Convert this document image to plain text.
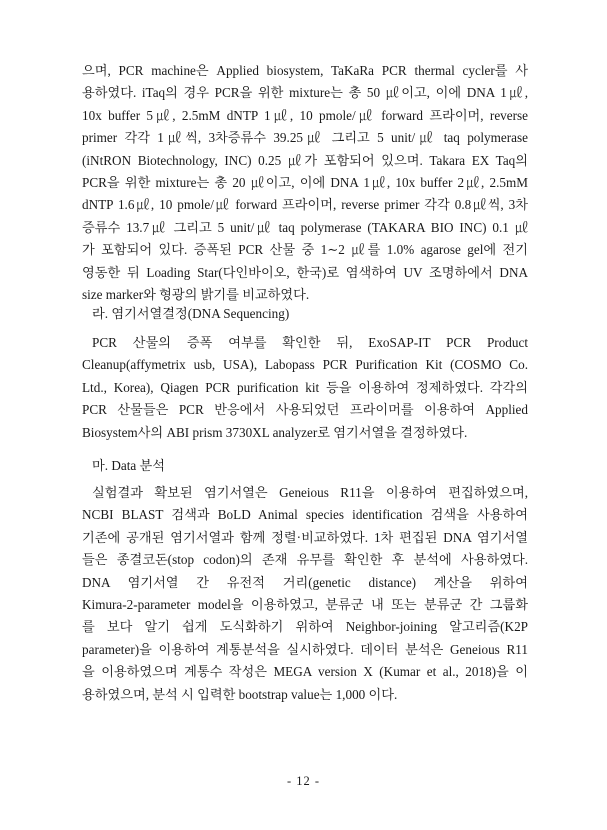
으며, PCR machine은 Applied biosystem, TaKaRa PCR thermal cycler를 사
용하였다. iTaq의 경우 PCR을 위한 mixture는 총 50 ㎕이고, 이에 DNA 1㎕,
10x buffer 5㎕, 2.5mM dNTP 1㎕, 10 pmole/㎕ forward 프라이머, reverse
primer 각각 1㎕씩, 3차증류수 39.25㎕ 그리고 5 unit/㎕ taq polymerase
(iNtRON Biotechnology, INC) 0.25 ㎕가 포함되어 있으며. Takara EX Taq의
PCR을 위한 mixture는 총 20 ㎕이고, 이에 DNA 1㎕, 10x buffer 2㎕, 2.5mM
dNTP 1.6㎕, 10 pmole/㎕ forward 프라이머, reverse primer 각각 0.8㎕씩, 3차
증류수 13.7㎕ 그리고 5 unit/㎕ taq polymerase (TAKARA BIO INC) 0.1 ㎕
가 포함되어 있다. 증폭된 PCR 산물 중 1∼2 ㎕를 1.0% agarose gel에 전기
영동한 뒤 Loading Star(다인바이오, 한국)로 염색하여 UV 조명하에서 DNA
size marker와 형광의 밝기를 비교하였다.
라. 염기서열결정(DNA Sequencing)
PCR 산물의 증폭 여부를 확인한 뒤, ExoSAP-IT PCR Product
Cleanup(affymetrix usb, USA), Labopass PCR Purification Kit (COSMO Co.
Ltd., Korea), Qiagen PCR purification kit 등을 이용하여 정제하였다. 각각의
PCR 산물들은 PCR 반응에서 사용되었던 프라이머를 이용하여 Applied
Biosystem사의 ABI prism 3730XL analyzer로 염기서열을 결정하였다.
마. Data 분석
실험결과 확보된 염기서열은 Geneious R11을 이용하여 편집하였으며,
NCBI BLAST 검색과 BoLD Animal species identification 검색을 사용하여
기존에 공개된 염기서열과 함께 정렬·비교하였다. 1차 편집된 DNA 염기서열
들은 종결코돈(stop codon)의 존재 유무를 확인한 후 분석에 사용하였다.
DNA 염기서열 간 유전적 거리(genetic distance) 계산을 위하여
Kimura-2-parameter model을 이용하였고, 분류군 내 또는 분류군 간 그룹화
를 보다 알기 쉽게 도식화하기 위하여 Neighbor-joining 알고리즘(K2P
parameter)을 이용하여 계통분석을 실시하였다. 데이터 분석은 Geneious R11
을 이용하였으며 계통수 작성은 MEGA version X (Kumar et al., 2018)을 이
용하였으며, 분석 시 입력한 bootstrap value는 1,000 이다.
- 12 -
